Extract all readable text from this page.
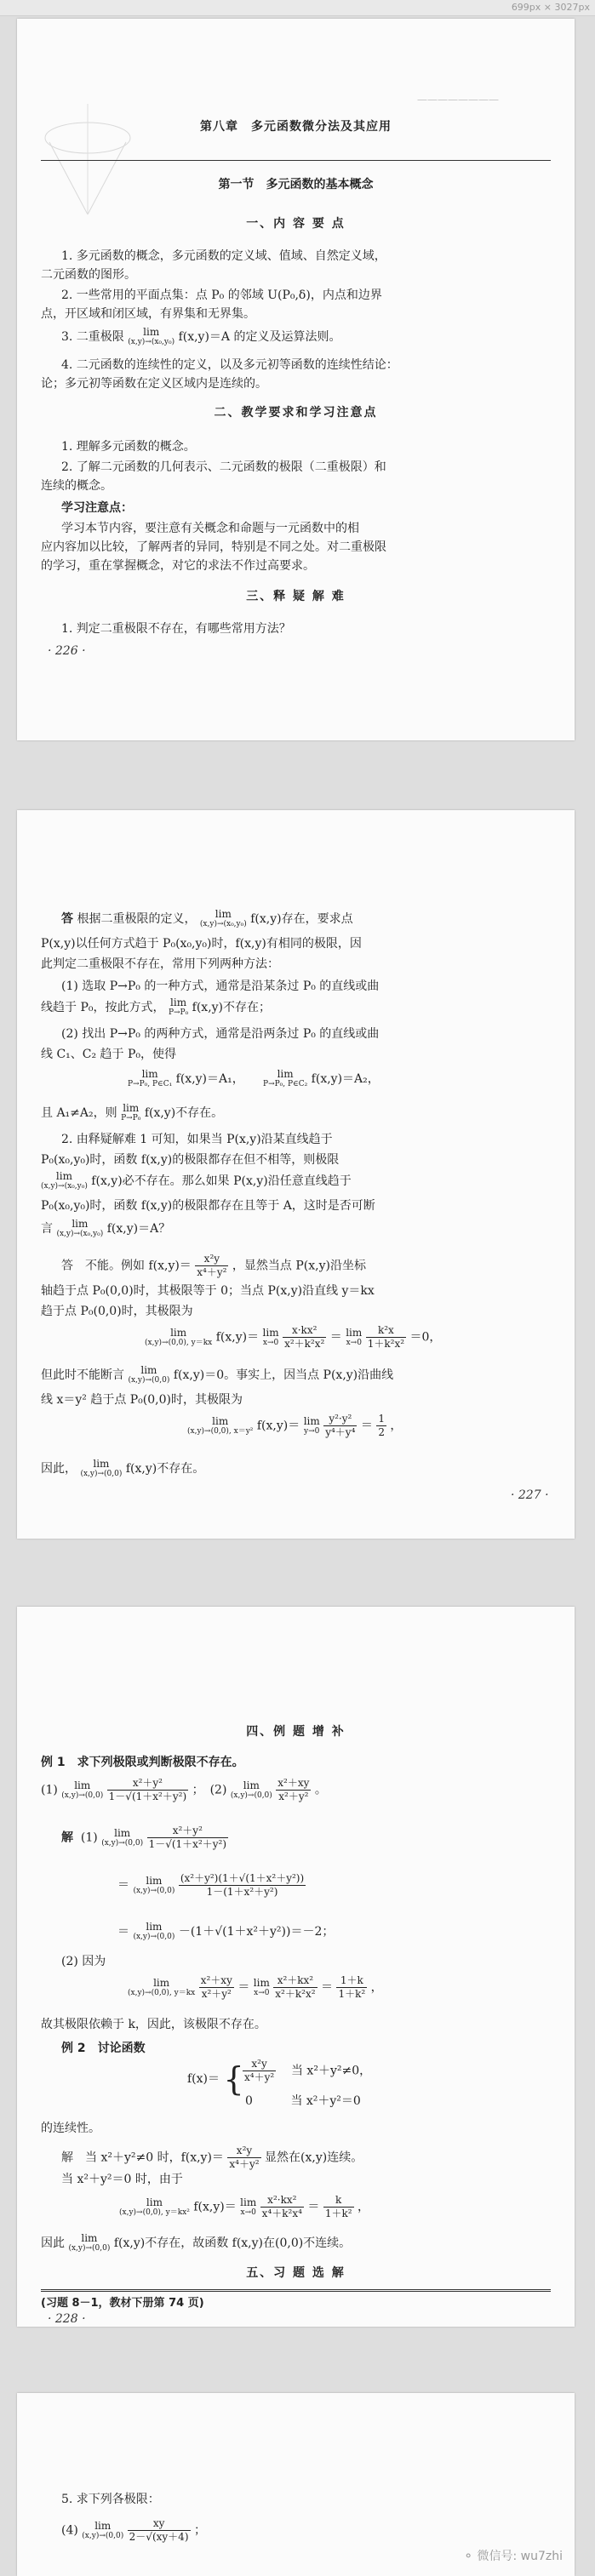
699px × 3027px
————————
第八章　多元函数微分法及其应用
第一节　多元函数的基本概念
一、内 容 要 点
1. 多元函数的概念，多元函数的定义域、值域、自然定义域，
二元函数的图形。
2. 一些常用的平面点集：点 P₀ 的邻域 U(P₀,δ)，内点和边界
点，开区域和闭区域，有界集和无界集。
3. 二重极限	lim
(x,y)→(x₀,y₀) f(x,y)＝A 的定义及运算法则。
4. 二元函数的连续性的定义，以及多元初等函数的连续性结论：
论；多元初等函数在定义区域内是连续的。
二、教学要求和学习注意点
1. 理解多元函数的概念。
2. 了解二元函数的几何表示、二元函数的极限（二重极限）和
连续的概念。
学习注意点：
学习本节内容，要注意有关概念和命题与一元函数中的相
应内容加以比较，了解两者的异同，特别是不同之处。对二重极限
的学习，重在掌握概念，对它的求法不作过高要求。
三、释 疑 解 难
1. 判定二重极限不存在，有哪些常用方法？
· 226 ·
答 根据二重极限的定义，	lim
(x,y)→(x₀,y₀) f(x,y)存在，要求点
P(x,y)以任何方式趋于 P₀(x₀,y₀)时，f(x,y)有相同的极限，因
此判定二重极限不存在，常用下列两种方法：
(1) 选取 P→P₀ 的一种方式，通常是沿某条过 P₀ 的直线或曲
线趋于 P₀，按此方式， lim
P→P₀ f(x,y)不存在；
(2) 找出 P→P₀ 的两种方式，通常是沿两条过 P₀ 的直线或曲
线 C₁、C₂ 趋于 P₀，使得
lim
P→P₀, P∈C₁ f(x,y)＝A₁，	lim
P→P₀, P∈C₂ f(x,y)＝A₂，
且 A₁≠A₂，则 lim
P→P₀ f(x,y)不存在。
2. 由释疑解难 1 可知，如果当 P(x,y)沿某直线趋于
P₀(x₀,y₀)时，函数 f(x,y)的极限都存在但不相等，则极限
lim
(x,y)→(x₀,y₀) f(x,y)必不存在。那么如果 P(x,y)沿任意直线趋于
P₀(x₀,y₀)时，函数 f(x,y)的极限都存在且等于 A，这时是否可断
言	lim
(x,y)→(x₀,y₀) f(x,y)＝A？
答　不能。例如 $f(x,y)= \frac{\text{x²y}}{\text{x⁴＋y²}}$ ，显然当点 P(x,y)沿坐标
轴趋于点 P₀(0,0)时，其极限等于 0；当点 P(x,y)沿直线 y＝kx
趋于点 P₀(0,0)时，其极限为
lim
(x,y)→(0,0), y＝kx f(x,y)＝ lim
x→0
$\frac{\text{x·kx²}}{\text{x²＋k²x²}} = \lim$
x→0
$\frac{\text{k²x}}{\text{1＋k²x²}} =0$，
但此时不能断言	lim
(x,y)→(0,0) f(x,y)＝0。事实上，因当点 P(x,y)沿曲线
线 x＝y² 趋于点 P₀(0,0)时，其极限为
lim
(x,y)→(0,0), x＝y² f(x,y)＝ lim
y→0
$\frac{\text{y²·y²}}{\text{y⁴＋y⁴}} = \frac{1}{2}$ ，
因此，	lim
(x,y)→(0,0) f(x,y)不存在。
· 227 ·
四、例 题 增 补
例 1　求下列极限或判断极限不存在。
(1)	lim
(x,y)→(0,0)
$\frac{\text{x²＋y²}}{\text{1－√(1＋x²＋y²)}}$ ；　(2)	lim
(x,y)→(0,0)
$\frac{\text{x²＋xy}}{\text{x²＋y²}}$ 。
解 (1)	lim
(x,y)→(0,0)
$\frac{\text{x²＋y²}}{\text{1－√(1＋x²＋y²)}}$
＝	lim
(x,y)→(0,0)
$\frac{\text{(x²＋y²)(1＋√(1＋x²＋y²))}}{\text{1－(1＋x²＋y²)}}$
＝	lim
(x,y)→(0,0) －(1＋√(1＋x²＋y²))＝－2；
(2) 因为
lim
(x,y)→(0,0), y＝kx
$\frac{\text{x²＋xy}}{\text{x²＋y²}} = \lim$
x→0
$\frac{\text{x²＋kx²}}{\text{x²＋k²x²}} = \frac{1+k}{\text{1＋k²}}$ ，
故其极限依赖于 k，因此，该极限不存在。
例 2　讨论函数
f(x)＝ {
$\frac{\text{x²y}}{\text{x⁴＋y²}}$ 当 x²＋y²≠0，
0	当 x²＋y²＝0
的连续性。
解　当 x²＋y²≠0 时，$f(x,y)= \frac{\text{x²y}}{\text{x⁴＋y²}}$ 显然在(x,y)连续。
当 x²＋y²＝0 时，由于
lim
(x,y)→(0,0), y＝kx² f(x,y)＝ lim
x→0
$\frac{\text{x²·kx²}}{\text{x⁴＋k²x⁴}} = \frac{k}{\text{1＋k²}}$ ，
因此	lim
(x,y)→(0,0) f(x,y)不存在，故函数 f(x,y)在(0,0)不连续。
五、习 题 选 解
(习题 8－1，教材下册第 74 页)
· 228 ·
5. 求下列各极限：
(4)	lim
(x,y)→(0,0)
$\frac{xy}{2-√(xy+4)}$ ；
⚬ 微信号: wu7zhi
